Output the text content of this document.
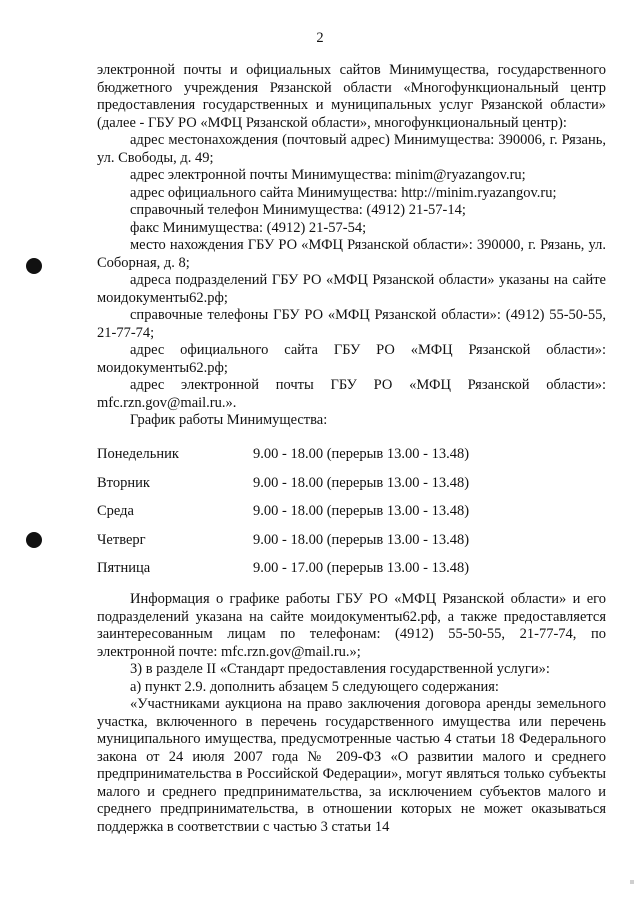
2

электронной почты и официальных сайтов Минимущества, государственного бюджетного учреждения Рязанской области «Многофункциональный центр предоставления государственных и муниципальных услуг Рязанской области» (далее - ГБУ РО «МФЦ Рязанской области», многофункциональный центр):

адрес местонахождения (почтовый адрес) Минимущества: 390006, г. Рязань, ул. Свободы, д. 49;

адрес электронной почты Минимущества: minim@ryazangov.ru;

адрес официального сайта Минимущества: http://minim.ryazangov.ru;

справочный телефон Минимущества: (4912) 21-57-14;

факс Минимущества: (4912) 21-57-54;

место нахождения ГБУ РО «МФЦ Рязанской области»: 390000, г. Рязань, ул. Соборная, д. 8;

адреса подразделений ГБУ РО «МФЦ Рязанской области» указаны на сайте моидокументы62.рф;

справочные телефоны ГБУ РО «МФЦ Рязанской области»: (4912) 55-50-55, 21-77-74;

адрес официального сайта ГБУ РО «МФЦ Рязанской области»: моидокументы62.рф;

адрес электронной почты ГБУ РО «МФЦ Рязанской области»: mfc.rzn.gov@mail.ru.».

График работы Минимущества:

Понедельник	9.00 - 18.00 (перерыв 13.00 - 13.48)
Вторник	9.00 - 18.00 (перерыв 13.00 - 13.48)
Среда	9.00 - 18.00 (перерыв 13.00 - 13.48)
Четверг	9.00 - 18.00 (перерыв 13.00 - 13.48)
Пятница	9.00 - 17.00 (перерыв 13.00 - 13.48)

Информация о графике работы ГБУ РО «МФЦ Рязанской области» и его подразделений указана на сайте моидокументы62.рф, а также предоставляется заинтересованным лицам по телефонам: (4912) 55-50-55, 21-77-74, по электронной почте: mfc.rzn.gov@mail.ru.»;

3) в разделе II «Стандарт предоставления государственной услуги»:

а) пункт 2.9. дополнить абзацем 5 следующего содержания:

«Участниками аукциона на право заключения договора аренды земельного участка, включенного в перечень государственного имущества или перечень муниципального имущества, предусмотренные частью 4 статьи 18 Федерального закона от 24 июля 2007 года № 209-ФЗ «О развитии малого и среднего предпринимательства в Российской Федерации», могут являться только субъекты малого и среднего предпринимательства, за исключением субъектов малого и среднего предпринимательства, в отношении которых не может оказываться поддержка в соответствии с частью 3 статьи 14
